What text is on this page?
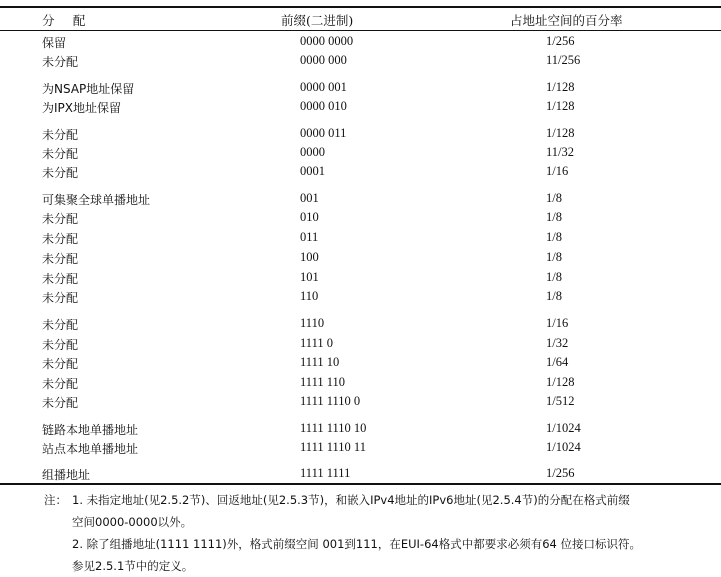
分    配	前缀(二进制)	占地址空间的百分率
保留	0000 0000	1/256
未分配	0000 000	11/256
为NSAP地址保留	0000 001	1/128
为IPX地址保留	0000 010	1/128
未分配	0000 011	1/128
未分配	0000	11/32
未分配	0001	1/16
可集聚全球单播地址	001	1/8
未分配	010	1/8
未分配	011	1/8
未分配	100	1/8
未分配	101	1/8
未分配	110	1/8
未分配	1110	1/16
未分配	1111 0	1/32
未分配	1111 10	1/64
未分配	1111 110	1/128
未分配	1111 1110 0	1/512
链路本地单播地址	1111 1110 10	1/1024
站点本地单播地址	1111 1110 11	1/1024
组播地址	1111 1111	1/256
注： 1. 未指定地址(见2.5.2节)、回返地址(见2.5.3节)，和嵌入IPv4地址的IPv6地址(见2.5.4节)的分配在格式前缀
空间0000-0000以外。
2. 除了组播地址(1111 1111)外，格式前缀空间 001到111，在EUI-64格式中都要求必须有64 位接口标识符。
参见2.5.1节中的定义。
